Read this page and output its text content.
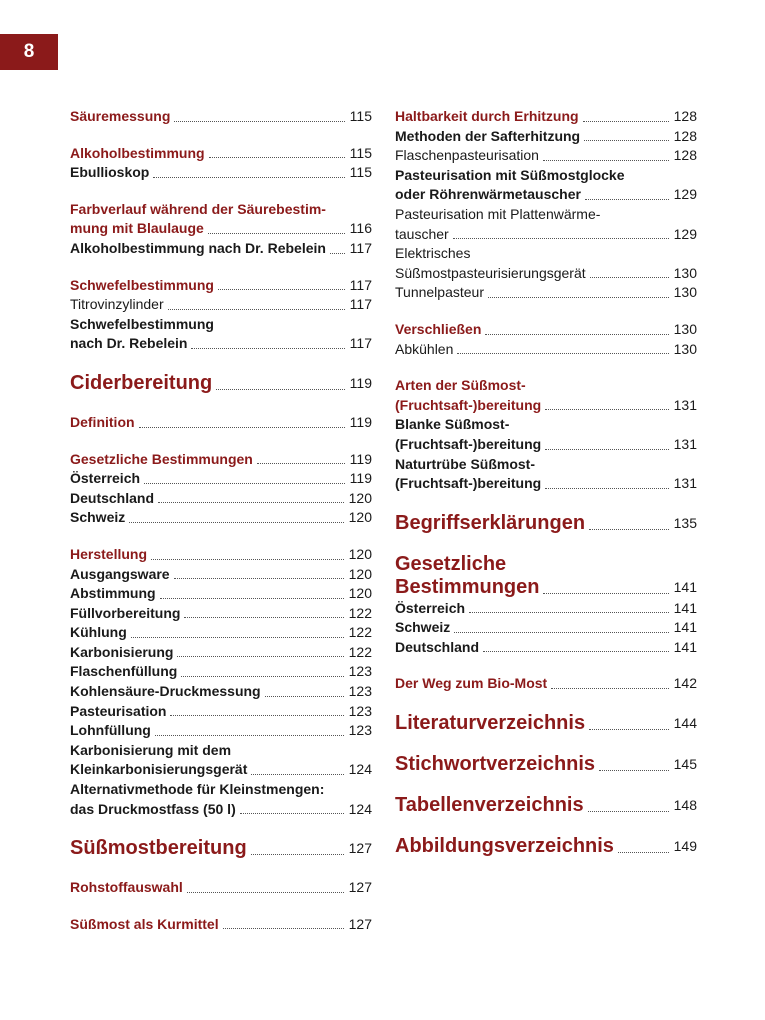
8
Säuremessung	115
Alkoholbestimmung	115
Ebullioskop	115
Farbverlauf während der Säurebestim-
mung mit Blaulauge	116
Alkoholbestimmung nach Dr. Rebelein 117
Schwefelbestimmung	117
Titrovinzylinder	117
Schwefelbestimmung
nach Dr. Rebelein	117
Ciderbereitung	119
Definition	119
Gesetzliche Bestimmungen	119
Österreich	119
Deutschland	120
Schweiz	120
Herstellung	120
Ausgangsware	120
Abstimmung	120
Füllvorbereitung	122
Kühlung	122
Karbonisierung	122
Flaschenfüllung	123
Kohlensäure-Druckmessung	123
Pasteurisation	123
Lohnfüllung	123
Karbonisierung mit dem
Kleinkarbonisierungsgerät	124
Alternativmethode für Kleinstmengen:
das Druckmostfass (50 l)	124
Süßmostbereitung	127
Rohstoffauswahl	127
Süßmost als Kurmittel	127
Haltbarkeit durch Erhitzung	128
Methoden der Safterhitzung	128
Flaschenpasteurisation	128
Pasteurisation mit Süßmostglocke
oder Röhrenwärmetauscher	129
Pasteurisation mit Plattenwärme-
tauscher	129
Elektrisches
Süßmostpasteurisierungsgerät	130
Tunnelpasteur	130
Verschließen	130
Abkühlen	130
Arten der Süßmost-
(Fruchtsaft-)bereitung	131
Blanke Süßmost-
(Fruchtsaft-)bereitung	131
Naturtrübe Süßmost-
(Fruchtsaft-)bereitung	131
Begriffserklärungen	135
Gesetzliche
Bestimmungen	141
Österreich	141
Schweiz	141
Deutschland	141
Der Weg zum Bio-Most	142
Literaturverzeichnis	144
Stichwortverzeichnis	145
Tabellenverzeichnis	148
Abbildungsverzeichnis	149
